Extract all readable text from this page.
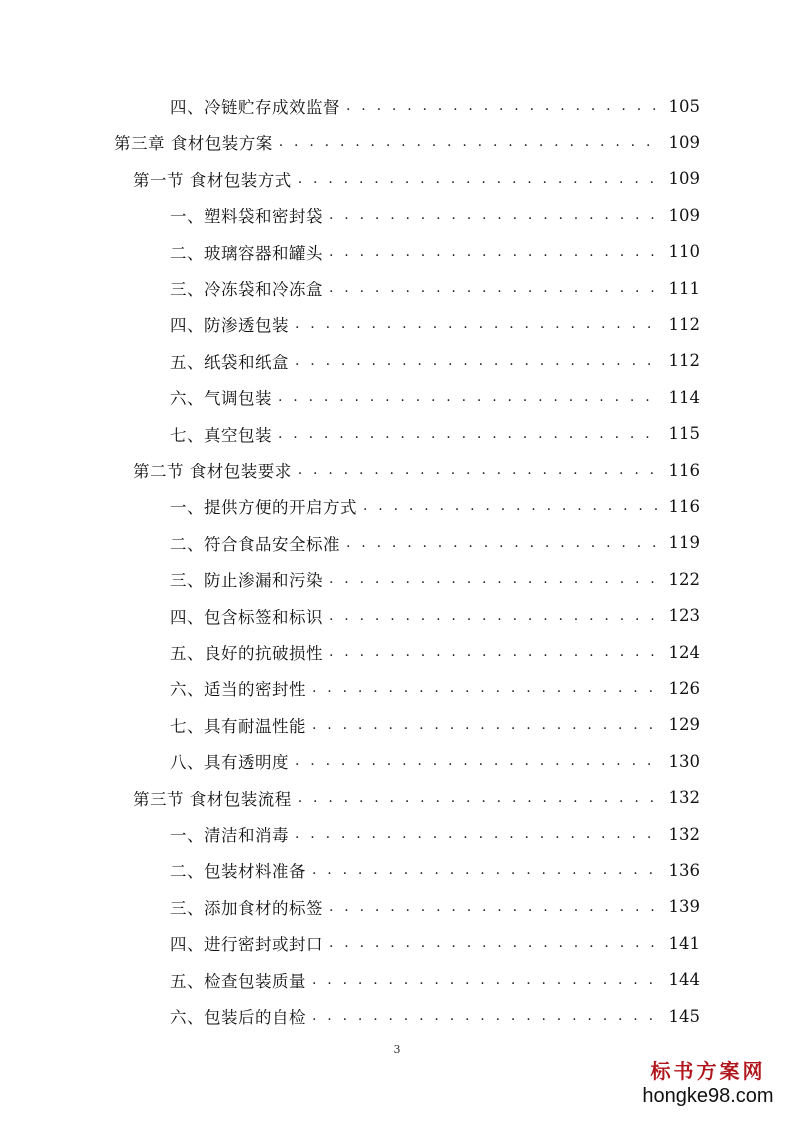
四、冷链贮存成效监督 . . .	105
第三章 食材包装方案 . . .	109
第一节 食材包装方式 . . .	109
一、塑料袋和密封袋 . . .	109
二、玻璃容器和罐头 . . .	110
三、冷冻袋和冷冻盒 . . .	111
四、防渗透包装 . . .	112
五、纸袋和纸盒 . . .	112
六、气调包装 . . .	114
七、真空包装 . . .	115
第二节 食材包装要求 . . .	116
一、提供方便的开启方式 . . .	116
二、符合食品安全标准 . . .	119
三、防止渗漏和污染 . . .	122
四、包含标签和标识 . . .	123
五、良好的抗破损性 . . .	124
六、适当的密封性 . . .	126
七、具有耐温性能 . . .	129
八、具有透明度 . . .	130
第三节 食材包装流程 . . .	132
一、清洁和消毒 . . .	132
二、包装材料准备 . . .	136
三、添加食材的标签 . . .	139
四、进行密封或封口 . . .	141
五、检查包装质量 . . .	144
六、包装后的自检 . . .	145
3
标书方案网
hongke98.com
